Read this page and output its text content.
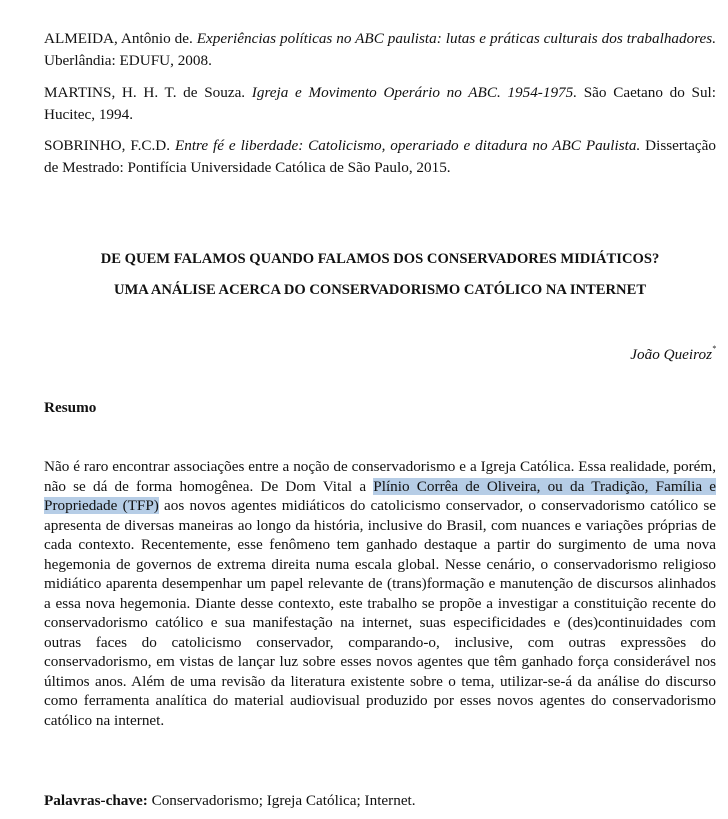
ALMEIDA, Antônio de. Experiências políticas no ABC paulista: lutas e práticas culturais dos trabalhadores. Uberlândia: EDUFU, 2008.

MARTINS, H. H. T. de Souza. Igreja e Movimento Operário no ABC. 1954-1975. São Caetano do Sul: Hucitec, 1994.

SOBRINHO, F.C.D. Entre fé e liberdade: Catolicismo, operariado e ditadura no ABC Paulista. Dissertação de Mestrado: Pontifícia Universidade Católica de São Paulo, 2015.

DE QUEM FALAMOS QUANDO FALAMOS DOS CONSERVADORES MIDIÁTICOS?
UMA ANÁLISE ACERCA DO CONSERVADORISMO CATÓLICO NA INTERNET
João Queiroz*
Resumo

Não é raro encontrar associações entre a noção de conservadorismo e a Igreja Católica. Essa realidade, porém, não se dá de forma homogênea. De Dom Vital a Plínio Corrêa de Oliveira, ou da Tradição, Família e Propriedade (TFP) aos novos agentes midiáticos do catolicismo conservador, o conservadorismo católico se apresenta de diversas maneiras ao longo da história, inclusive do Brasil, com nuances e variações próprias de cada contexto. Recentemente, esse fenômeno tem ganhado destaque a partir do surgimento de uma nova hegemonia de governos de extrema direita numa escala global. Nesse cenário, o conservadorismo religioso midiático aparenta desempenhar um papel relevante de (trans)formação e manutenção de discursos alinhados a essa nova hegemonia. Diante desse contexto, este trabalho se propõe a investigar a constituição recente do conservadorismo católico e sua manifestação na internet, suas especificidades e (des)continuidades com outras faces do catolicismo conservador, comparando-o, inclusive, com outras expressões do conservadorismo, em vistas de lançar luz sobre esses novos agentes que têm ganhado força considerável nos últimos anos. Além de uma revisão da literatura existente sobre o tema, utilizar-se-á da análise do discurso como ferramenta analítica do material audiovisual produzido por esses novos agentes do conservadorismo católico na internet.

Palavras-chave: Conservadorismo; Igreja Católica; Internet.
